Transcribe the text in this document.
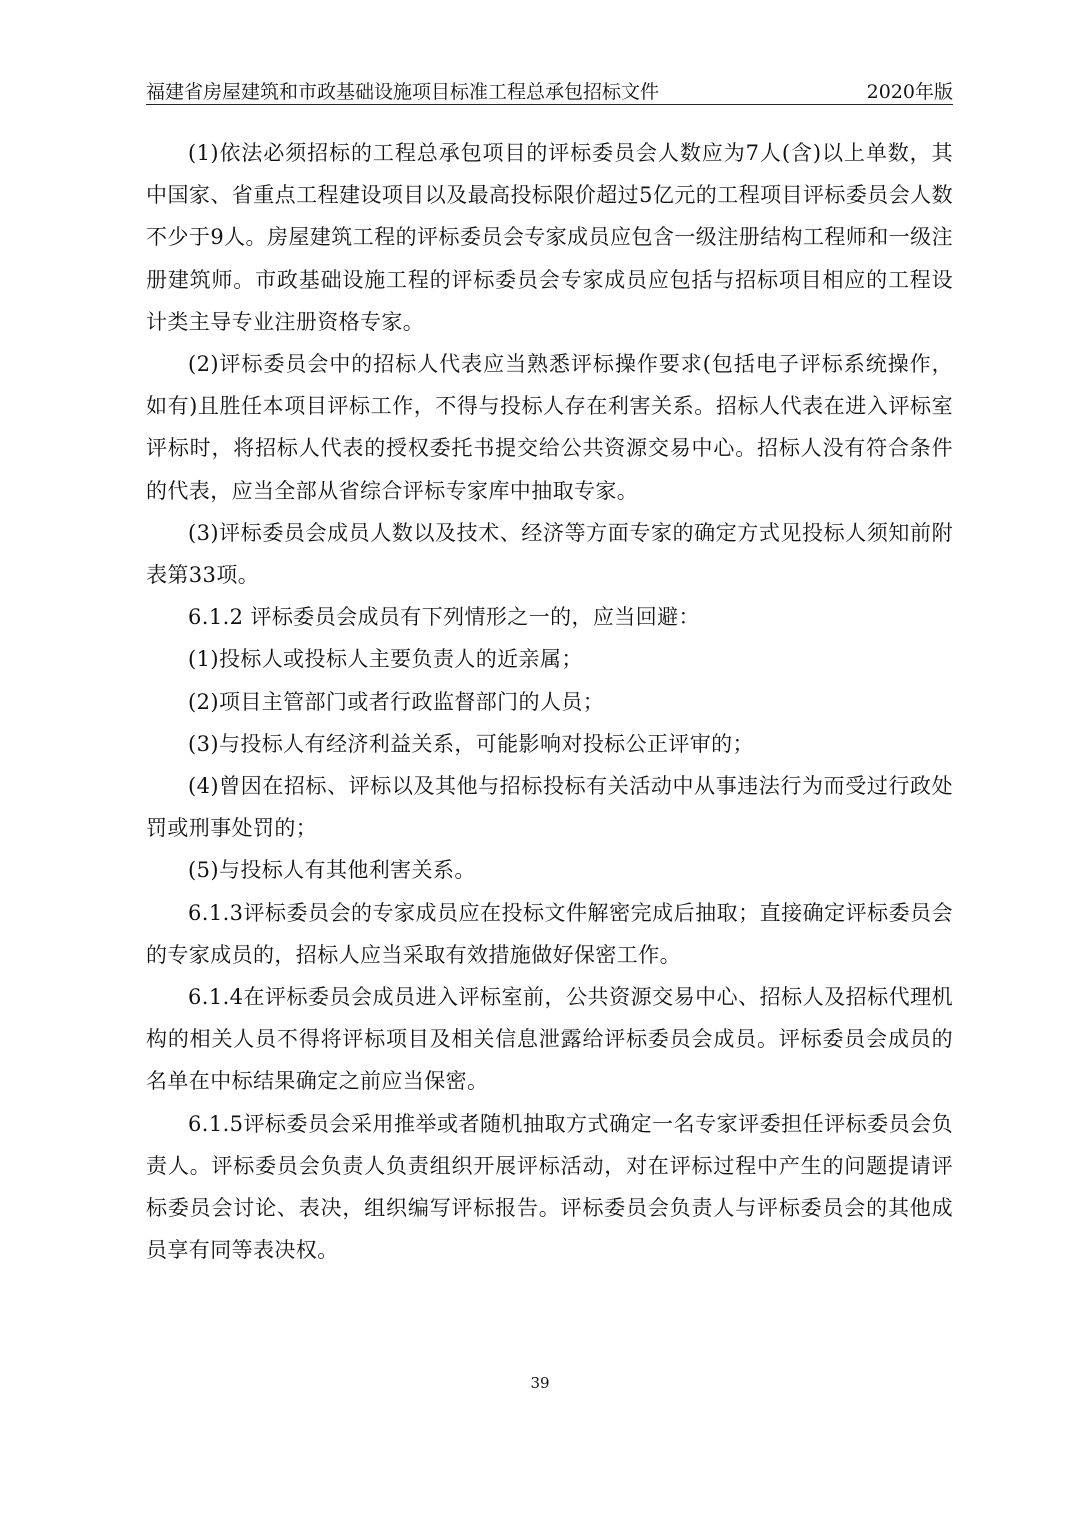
福建省房屋建筑和市政基础设施项目标准工程总承包招标文件	2020年版

(1)依法必须招标的工程总承包项目的评标委员会人数应为7人(含)以上单数，其中国家、省重点工程建设项目以及最高投标限价超过5亿元的工程项目评标委员会人数不少于9人。房屋建筑工程的评标委员会专家成员应包含一级注册结构工程师和一级注册建筑师。市政基础设施工程的评标委员会专家成员应包括与招标项目相应的工程设计类主导专业注册资格专家。

(2)评标委员会中的招标人代表应当熟悉评标操作要求(包括电子评标系统操作，如有)且胜任本项目评标工作，不得与投标人存在利害关系。招标人代表在进入评标室评标时，将招标人代表的授权委托书提交给公共资源交易中心。招标人没有符合条件的代表，应当全部从省综合评标专家库中抽取专家。

(3)评标委员会成员人数以及技术、经济等方面专家的确定方式见投标人须知前附表第33项。

6.1.2 评标委员会成员有下列情形之一的，应当回避：

(1)投标人或投标人主要负责人的近亲属；

(2)项目主管部门或者行政监督部门的人员；

(3)与投标人有经济利益关系，可能影响对投标公正评审的；

(4)曾因在招标、评标以及其他与招标投标有关活动中从事违法行为而受过行政处罚或刑事处罚的；

(5)与投标人有其他利害关系。

6.1.3评标委员会的专家成员应在投标文件解密完成后抽取；直接确定评标委员会的专家成员的，招标人应当采取有效措施做好保密工作。

6.1.4在评标委员会成员进入评标室前，公共资源交易中心、招标人及招标代理机构的相关人员不得将评标项目及相关信息泄露给评标委员会成员。评标委员会成员的名单在中标结果确定之前应当保密。

6.1.5评标委员会采用推举或者随机抽取方式确定一名专家评委担任评标委员会负责人。评标委员会负责人负责组织开展评标活动，对在评标过程中产生的问题提请评标委员会讨论、表决，组织编写评标报告。评标委员会负责人与评标委员会的其他成员享有同等表决权。

39
